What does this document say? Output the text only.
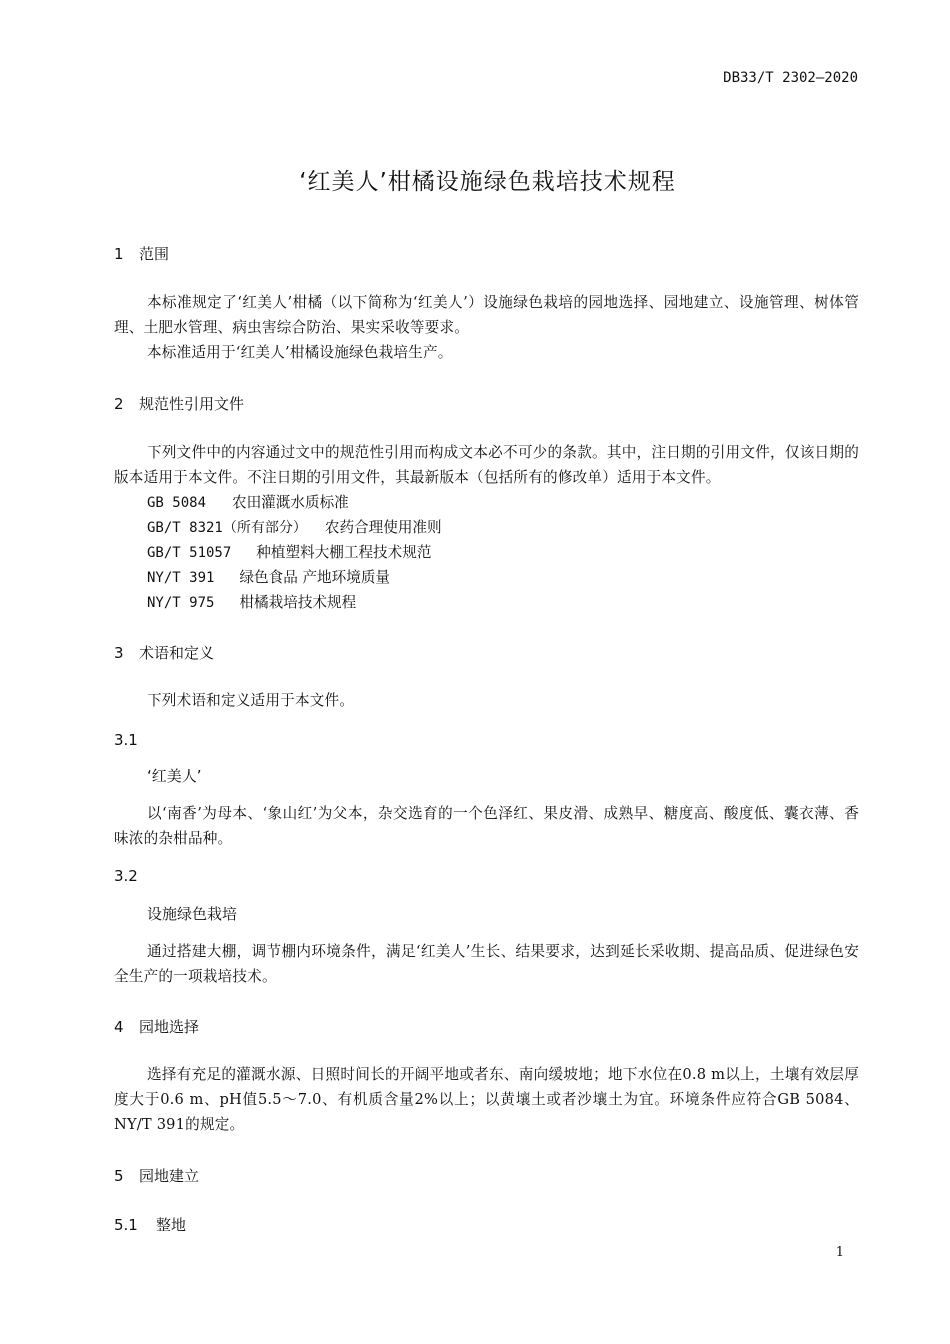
DB33/T 2302—2020
‘红美人’柑橘设施绿色栽培技术规程
1 范围
本标准规定了‘红美人’柑橘（以下简称为‘红美人’）设施绿色栽培的园地选择、园地建立、设施管理、树体管理、土肥水管理、病虫害综合防治、果实采收等要求。
本标准适用于‘红美人’柑橘设施绿色栽培生产。
2 规范性引用文件
下列文件中的内容通过文中的规范性引用而构成文本必不可少的条款。其中，注日期的引用文件，仅该日期的版本适用于本文件。不注日期的引用文件，其最新版本（包括所有的修改单）适用于本文件。
GB 5084 农田灌溉水质标准
GB/T 8321（所有部分） 农药合理使用准则
GB/T 51057 种植塑料大棚工程技术规范
NY/T 391 绿色食品 产地环境质量
NY/T 975 柑橘栽培技术规程
3 术语和定义
下列术语和定义适用于本文件。
3.1
‘红美人’
以‘南香’为母本、‘象山红’为父本，杂交选育的一个色泽红、果皮滑、成熟早、糖度高、酸度低、囊衣薄、香味浓的杂柑品种。
3.2
设施绿色栽培
通过搭建大棚，调节棚内环境条件，满足‘红美人’生长、结果要求，达到延长采收期、提高品质、促进绿色安全生产的一项栽培技术。
4 园地选择
选择有充足的灌溉水源、日照时间长的开阔平地或者东、南向缓坡地；地下水位在0.8 m以上，土壤有效层厚度大于0.6 m、pH值5.5～7.0、有机质含量2%以上；以黄壤土或者沙壤土为宜。环境条件应符合GB 5084、NY/T 391的规定。
5 园地建立
5.1 整地
1
